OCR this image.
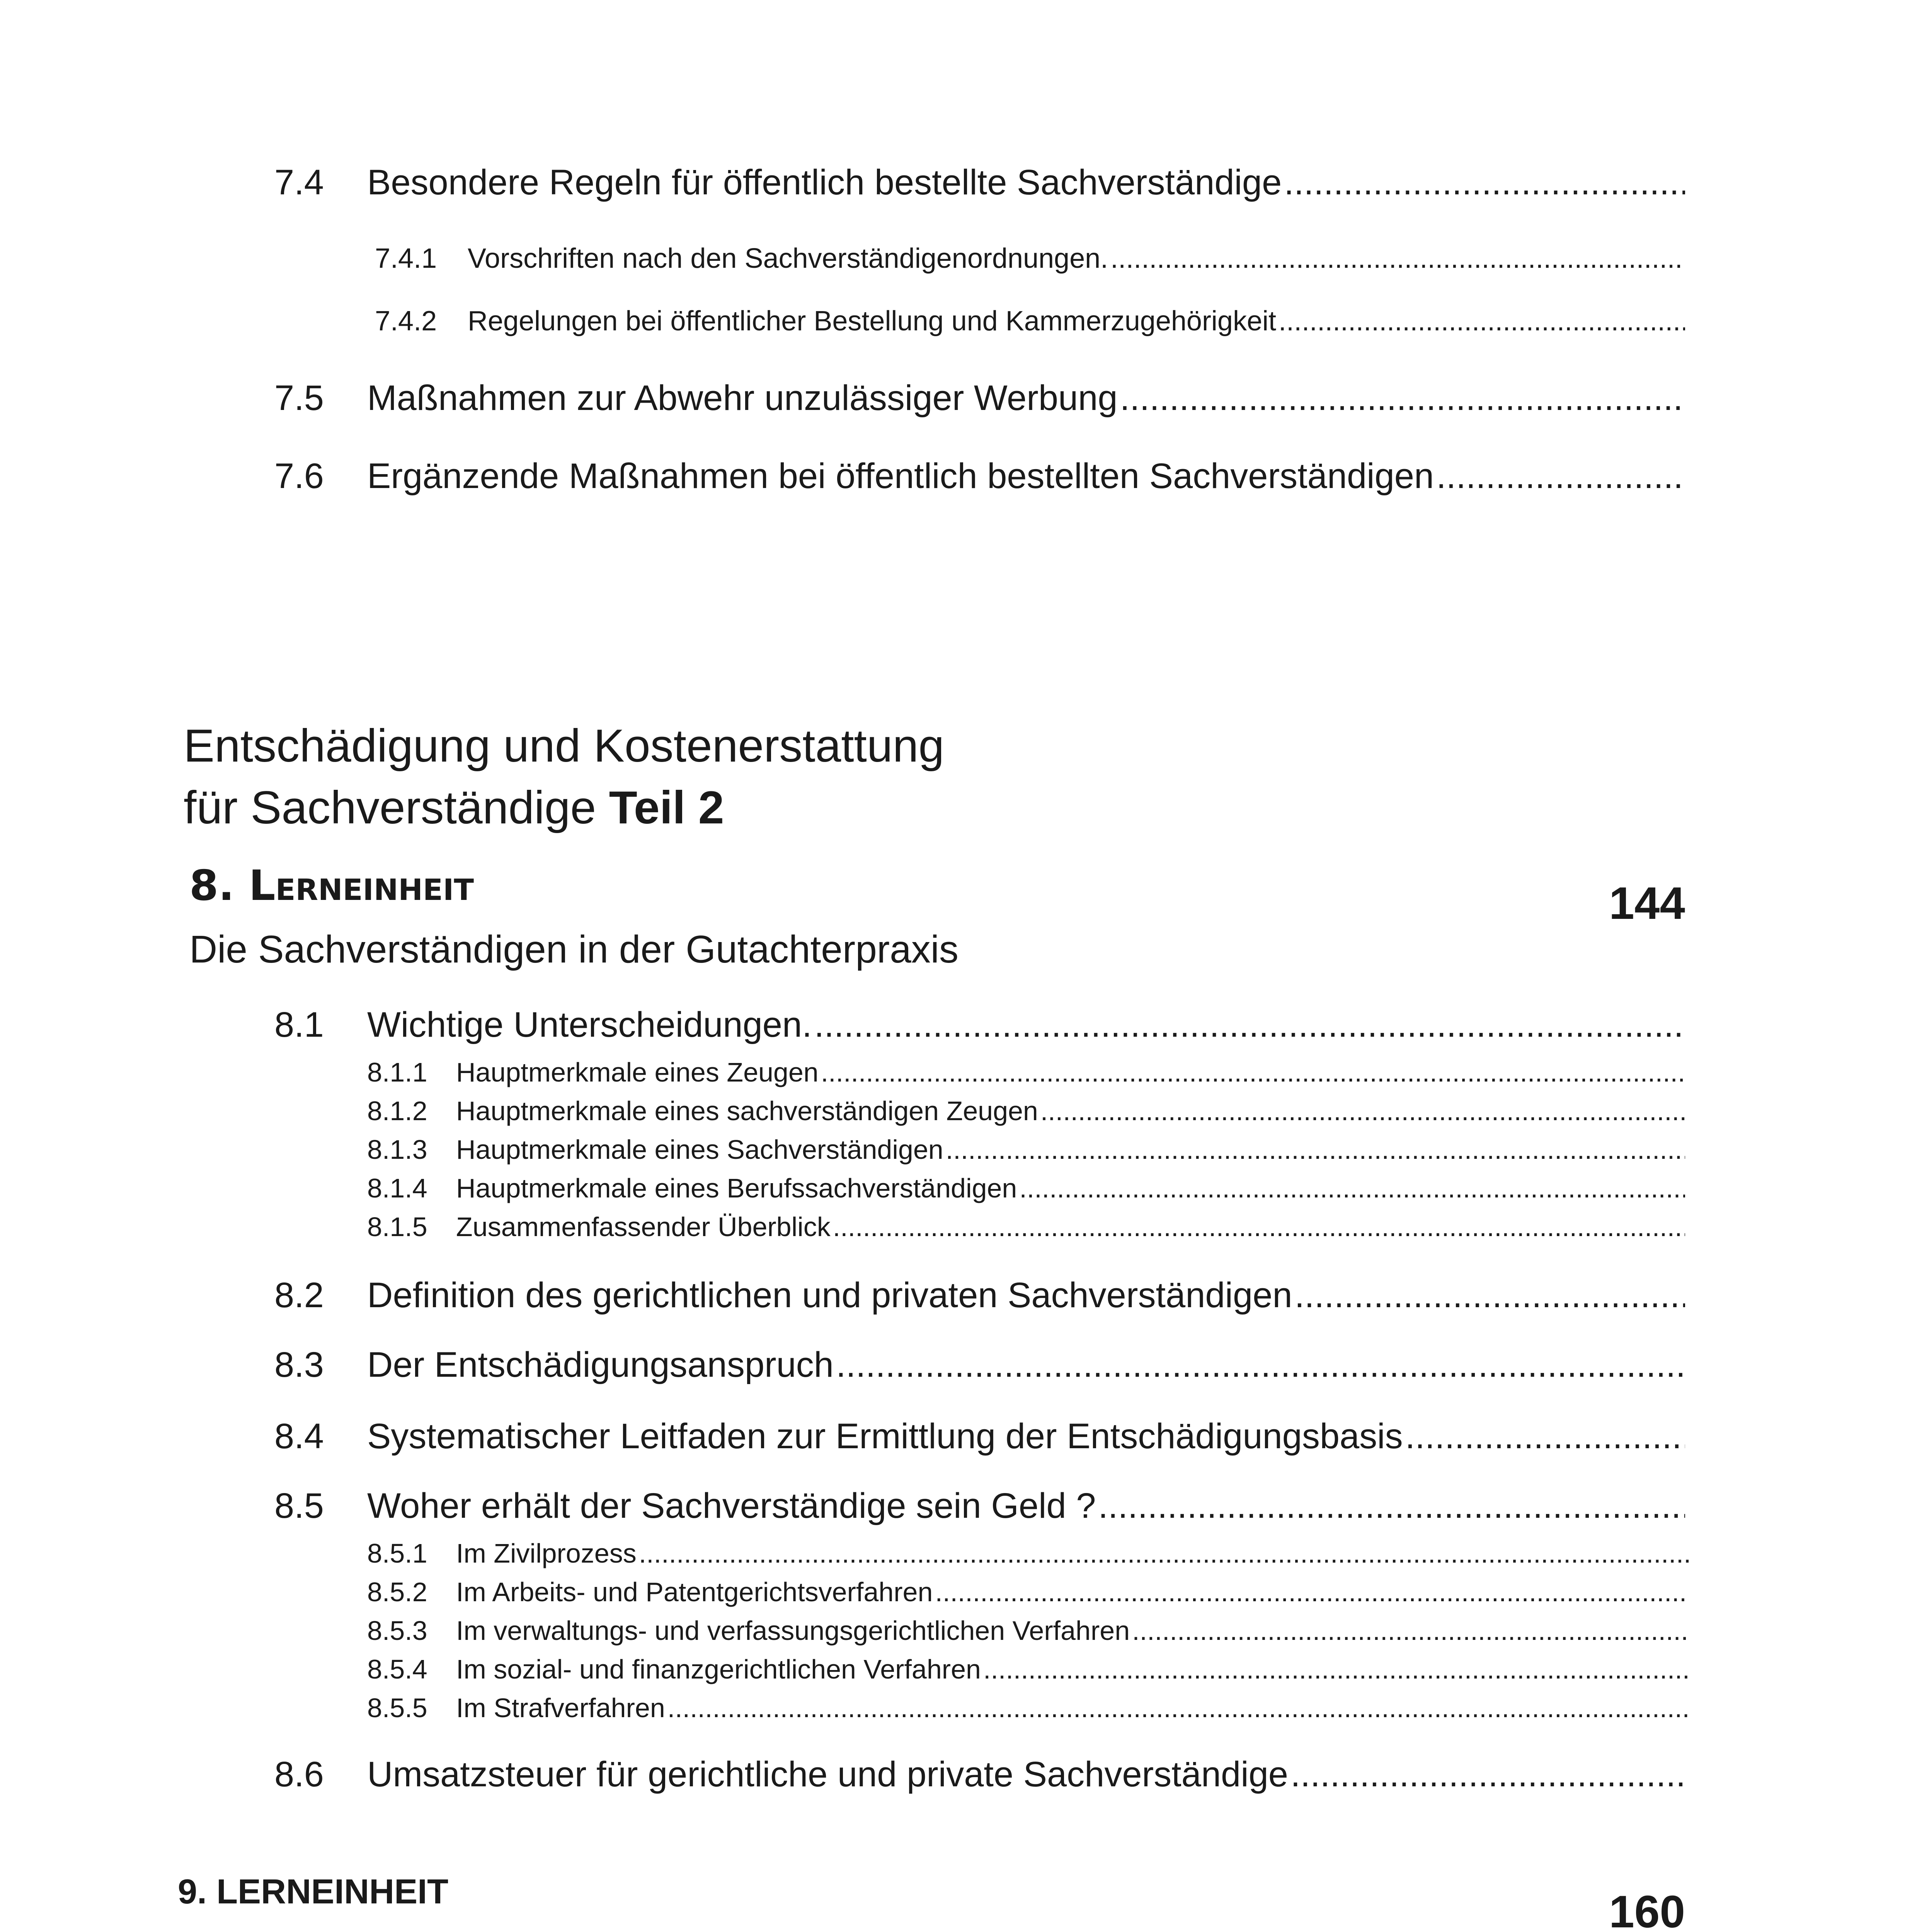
7.4	Besondere Regeln für öffentlich bestellte Sachverständige
.....
7.4.1	Vorschriften nach den Sachverständigenordnungen.
.....
7.4.2	Regelungen bei öffentlicher Bestellung und Kammerzugehörigkeit
.....
7.5	Maßnahmen zur Abwehr unzulässiger Werbung
.....
7.6	Ergänzende Maßnahmen bei öffentlich bestellten Sachverständigen
.....
Entschädigung und Kostenerstattung
für Sachverständige Teil 2
8. Lerneinheit	144
Die Sachverständigen in der Gutachterpraxis
8.1	Wichtige Unterscheidungen.
.....
8.1.1	Hauptmerkmale eines Zeugen
.....
8.1.2	Hauptmerkmale eines sachverständigen Zeugen
.....
8.1.3	Hauptmerkmale eines Sachverständigen
.....
8.1.4	Hauptmerkmale eines Berufssachverständigen
.....
8.1.5	Zusammenfassender Überblick
.....
8.2	Definition des gerichtlichen und privaten Sachverständigen
.....
8.3	Der Entschädigungsanspruch
.....
8.4	Systematischer Leitfaden zur Ermittlung der Entschädigungsbasis
.....
8.5	Woher erhält der Sachverständige sein Geld ?
.....
8.5.1	Im Zivilprozess
.....
8.5.2	Im Arbeits- und Patentgerichtsverfahren
.....
8.5.3	Im verwaltungs- und verfassungsgerichtlichen Verfahren
.....
8.5.4	Im sozial- und finanzgerichtlichen Verfahren
.....
8.5.5	Im Strafverfahren
.....
8.6	Umsatzsteuer für gerichtliche und private Sachverständige
.....
9. LERNEINHEIT	160
